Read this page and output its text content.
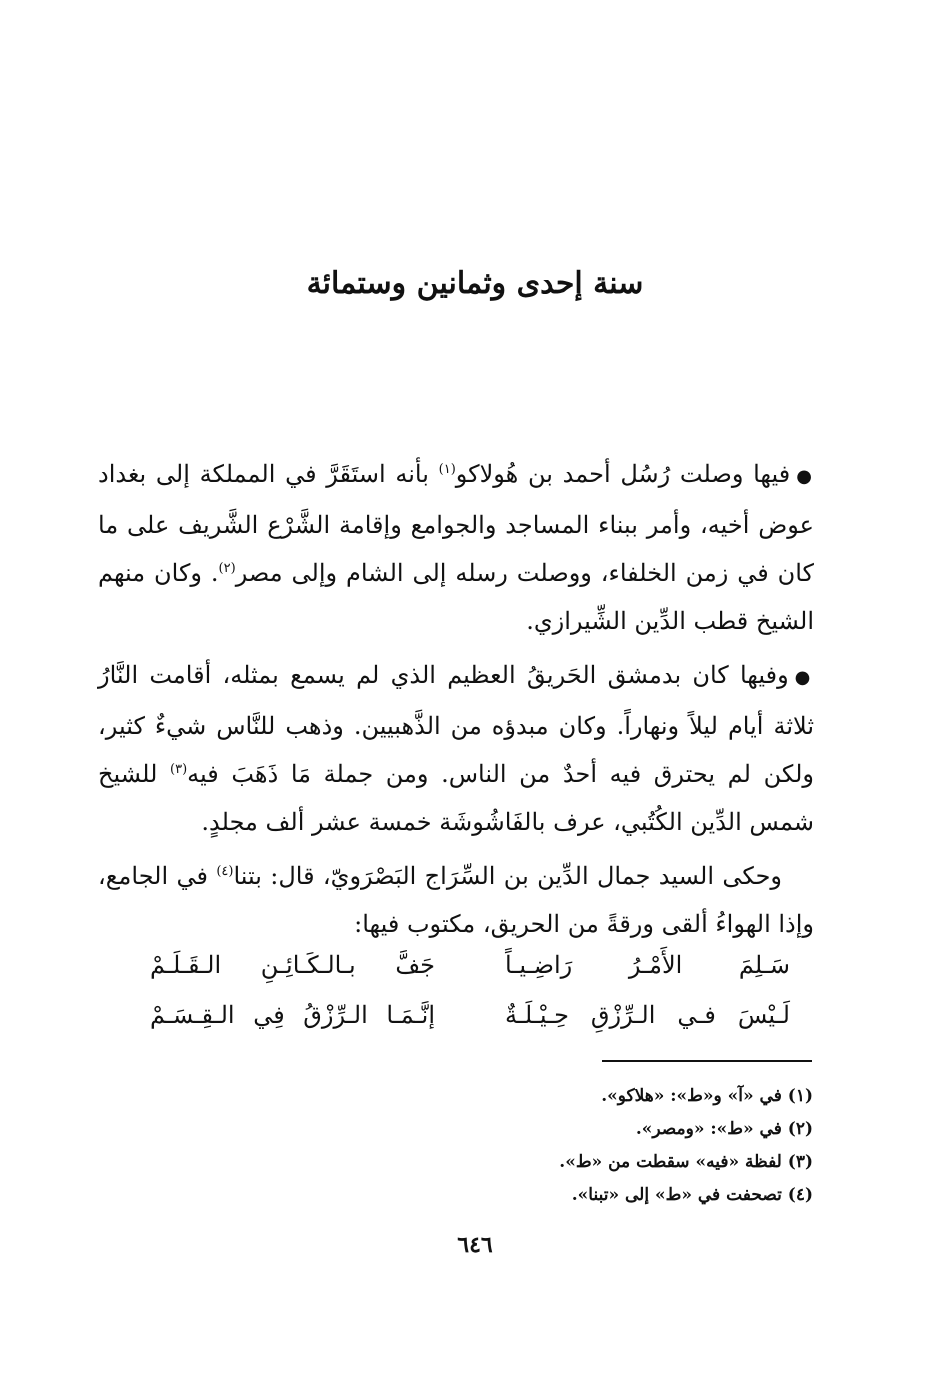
سنة إحدى وثمانين وستمائة

●فيها وصلت رُسُل أحمد بن هُولاكو$^{(١)}$ بأنه استَقَرَّ في المملكة إلى بغداد عوض أخيه، وأمر ببناء المساجد والجوامع وإقامة الشَّرْع الشَّريف على ما كان في زمن الخلفاء، ووصلت رسله إلى الشام وإلى مصر$^{(٢)}$. وكان منهم الشيخ قطب الدِّين الشِّيرازي.

●وفيها كان بدمشق الحَريقُ العظيم الذي لم يسمع بمثله، أقامت النَّارُ ثلاثة أيام ليلاً ونهاراً. وكان مبدؤه من الذَّهبيين. وذهب للنَّاس شيءٌ كثير، ولكن لم يحترق فيه أحدٌ من الناس. ومن جملة مَا ذَهَبَ فيه$^{(٣)}$ للشيخ شمس الدِّين الكُتُبي، عرف بالفَاشُوشَة خمسة عشر ألف مجلدٍ.

وحكى السيد جمال الدِّين بن السِّرَاج البَصْرَويّ، قال: بتنا$^{(٤)}$ في الجامع، وإذا الهواءُ ألقى ورقةً من الحريق، مكتوب فيها:

سَـلِمَ الأَمْـرُ رَاضِـيـاً
جَفَّ بـالـكَـائِـنِ الـقَـلَـمْ
لَـيْسَ فـي الـرِّزْقِ حِـيْـلَـةٌ
إنَّـمَـا الـرِّزْقُ فِي الـقِـسَـمْ

(١) في «آ» و«ط»: «هلاكو».

(٢) في «ط»: «ومصر».

(٣) لفظة «فيه» سقطت من «ط».

(٤) تصحفت في «ط» إلى «تبنا».

٦٤٦
